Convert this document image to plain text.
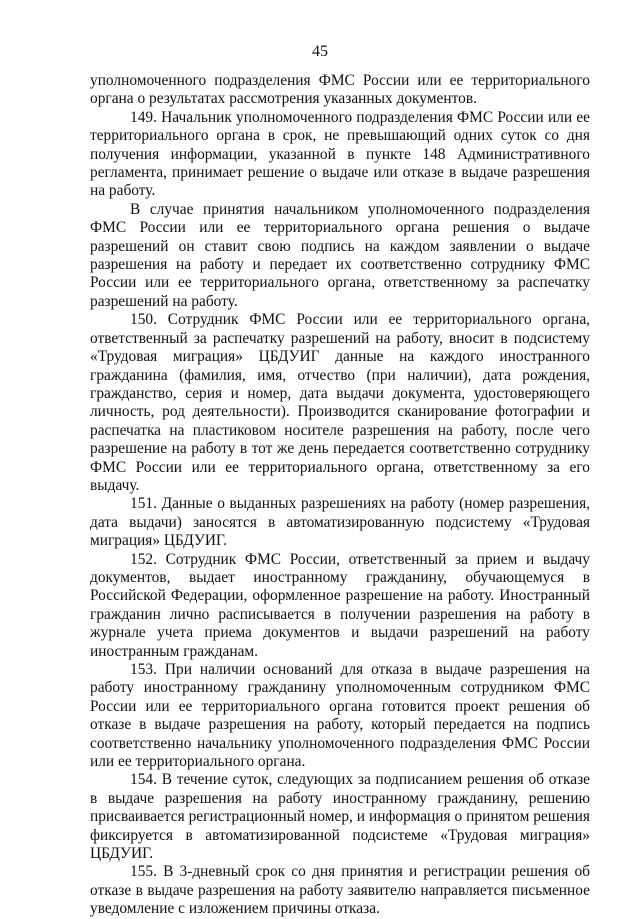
45

уполномоченного подразделения ФМС России или ее территориального органа о результатах рассмотрения указанных документов.

149. Начальник уполномоченного подразделения ФМС России или ее территориального органа в срок, не превышающий одних суток со дня получения информации, указанной в пункте 148 Административного регламента, принимает решение о выдаче или отказе в выдаче разрешения на работу.

В случае принятия начальником уполномоченного подразделения ФМС России или ее территориального органа решения о выдаче разрешений он ставит свою подпись на каждом заявлении о выдаче разрешения на работу и передает их соответственно сотруднику ФМС России или ее территориального органа, ответственному за распечатку разрешений на работу.

150. Сотрудник ФМС России или ее территориального органа, ответственный за распечатку разрешений на работу, вносит в подсистему «Трудовая миграция» ЦБДУИГ данные на каждого иностранного гражданина (фамилия, имя, отчество (при наличии), дата рождения, гражданство, серия и номер, дата выдачи документа, удостоверяющего личность, род деятельности). Производится сканирование фотографии и распечатка на пластиковом носителе разрешения на работу, после чего разрешение на работу в тот же день передается соответственно сотруднику ФМС России или ее территориального органа, ответственному за его выдачу.

151. Данные о выданных разрешениях на работу (номер разрешения, дата выдачи) заносятся в автоматизированную подсистему «Трудовая миграция» ЦБДУИГ.

152. Сотрудник ФМС России, ответственный за прием и выдачу документов, выдает иностранному гражданину, обучающемуся в Российской Федерации, оформленное разрешение на работу. Иностранный гражданин лично расписывается в получении разрешения на работу в журнале учета приема документов и выдачи разрешений на работу иностранным гражданам.

153. При наличии оснований для отказа в выдаче разрешения на работу иностранному гражданину уполномоченным сотрудником ФМС России или ее территориального органа готовится проект решения об отказе в выдаче разрешения на работу, который передается на подпись соответственно начальнику уполномоченного подразделения ФМС России или ее территориального органа.

154. В течение суток, следующих за подписанием решения об отказе в выдаче разрешения на работу иностранному гражданину, решению присваивается регистрационный номер, и информация о принятом решения фиксируется в автоматизированной подсистеме «Трудовая миграция» ЦБДУИГ.

155. В 3-дневный срок со дня принятия и регистрации решения об отказе в выдаче разрешения на работу заявителю направляется письменное уведомление с изложением причины отказа.
